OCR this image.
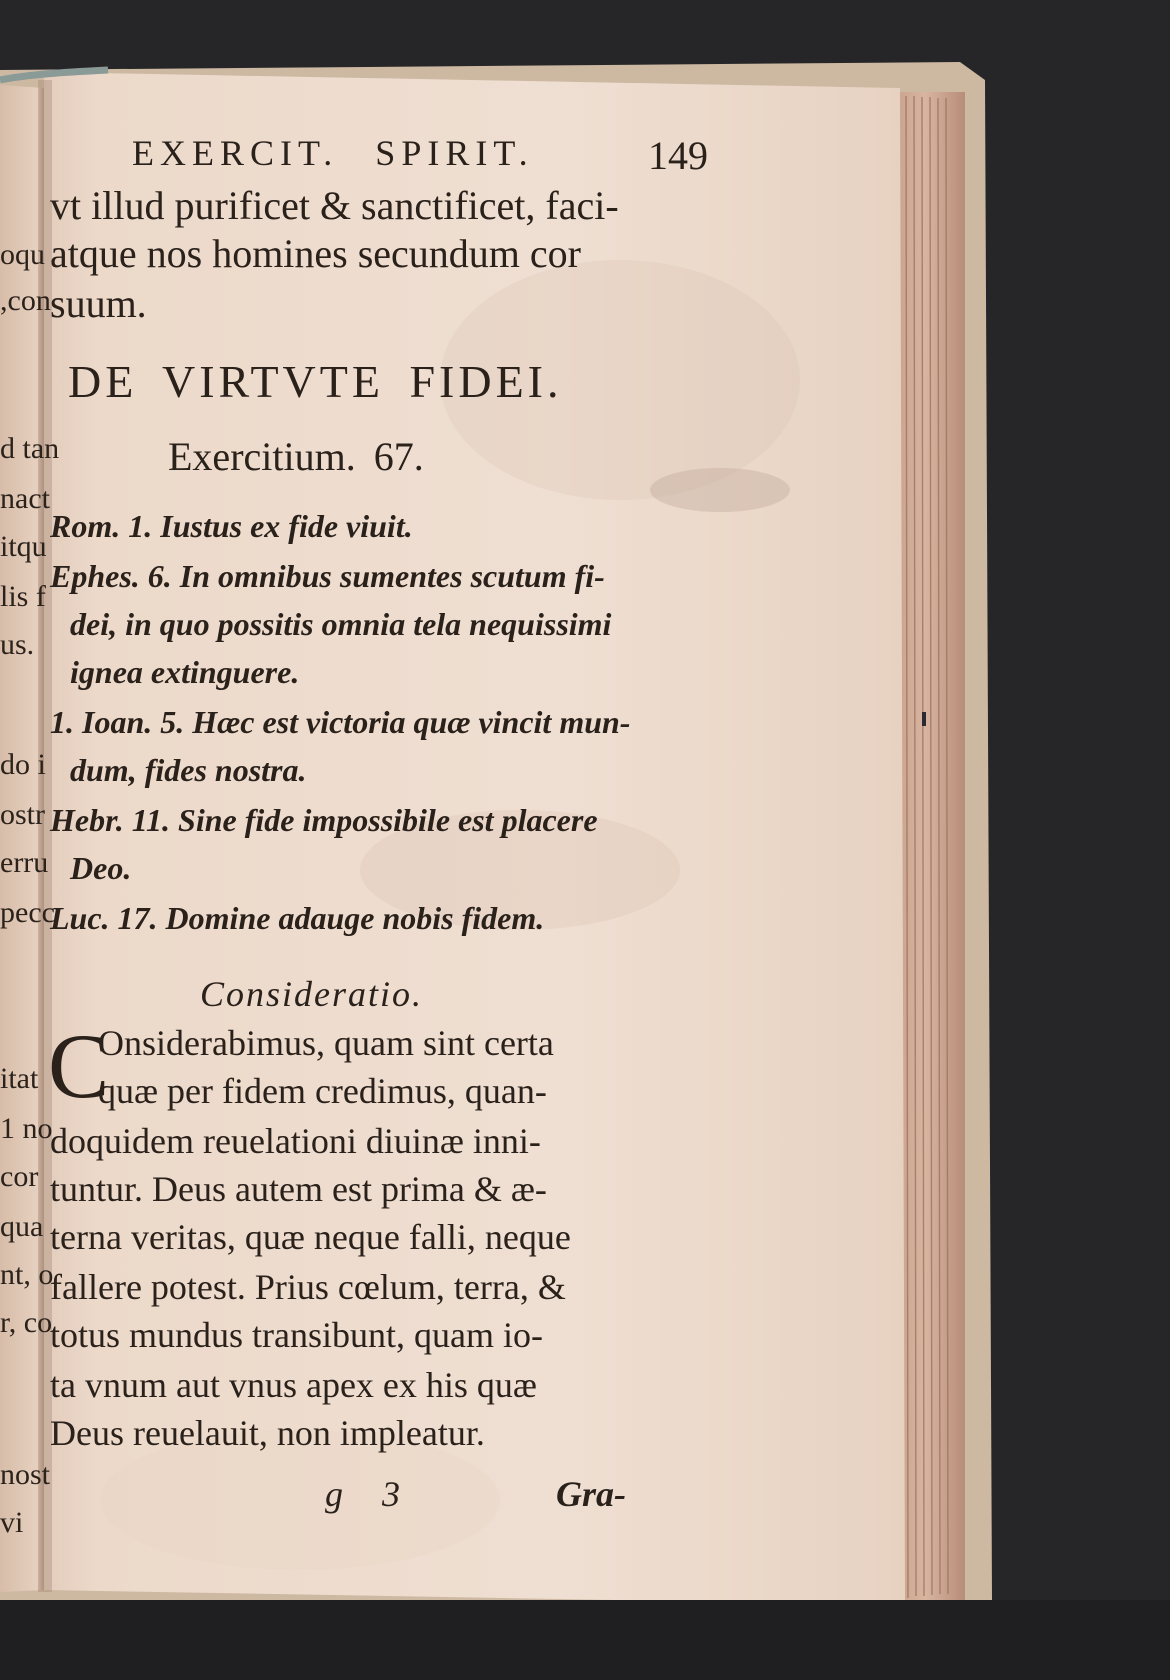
oqu
,con
d tan
nact
itqu
lis f
us.
do i
ostr
erru
pecc
itat
1 no
cor
qua
nt, o
r, co
nost
vi
EXERCIT. SPIRIT.	149
vt illud purificet & sanctificet, faci-
atque nos homines secundum cor
suum.
DE VIRTVTE FIDEI.
Exercitium. 67.
Rom. 1. Iustus ex fide viuit.
Ephes. 6. In omnibus sumentes scutum fi-
dei, in quo possitis omnia tela nequissimi
ignea extinguere.
1. Ioan. 5. Hæc est victoria quæ vincit mun-
dum, fides nostra.
Hebr. 11. Sine fide impossibile est placere
Deo.
Luc. 17. Domine adauge nobis fidem.
Consideratio.
C
Onsiderabimus, quam sint certa
quæ per fidem credimus, quan-
doquidem reuelationi diuinæ inni-
tuntur. Deus autem est prima & æ-
terna veritas, quæ neque falli, neque
fallere potest. Prius cœlum, terra, &
totus mundus transibunt, quam io-
ta vnum aut vnus apex ex his quæ
Deus reuelauit, non impleatur.
g 3	Gra-
